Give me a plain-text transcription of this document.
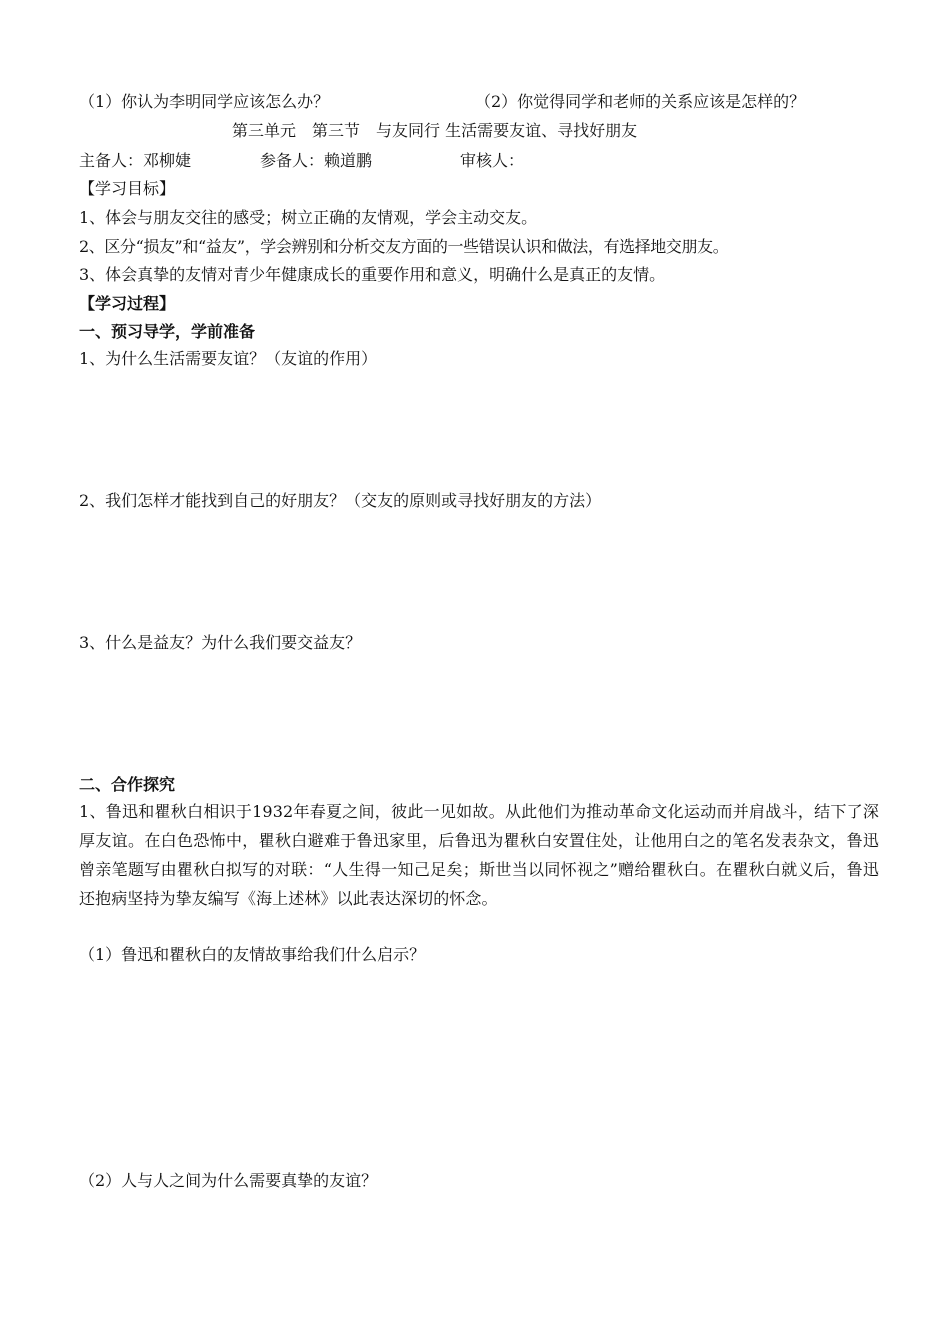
（1）你认为李明同学应该怎么办？	（2）你觉得同学和老师的关系应该是怎样的？
第三单元　第三节　与友同行 生活需要友谊、寻找好朋友
主备人：邓柳婕	参备人：赖道鹏	审核人：
【学习目标】
1、体会与朋友交往的感受；树立正确的友情观，学会主动交友。
2、区分“损友”和“益友”，学会辨别和分析交友方面的一些错误认识和做法，有选择地交朋友。
3、体会真挚的友情对青少年健康成长的重要作用和意义，明确什么是真正的友情。
【学习过程】
一、预习导学，学前准备
1、为什么生活需要友谊？（友谊的作用）
2、我们怎样才能找到自己的好朋友？（交友的原则或寻找好朋友的方法）
3、什么是益友？为什么我们要交益友？
二、合作探究
1、鲁迅和瞿秋白相识于1932年春夏之间，彼此一见如故。从此他们为推动革命文化运动而并肩战斗，结下了深厚友谊。在白色恐怖中，瞿秋白避难于鲁迅家里，后鲁迅为瞿秋白安置住处，让他用白之的笔名发表杂文，鲁迅曾亲笔题写由瞿秋白拟写的对联：“人生得一知己足矣；斯世当以同怀视之”赠给瞿秋白。在瞿秋白就义后，鲁迅还抱病坚持为挚友编写《海上述林》以此表达深切的怀念。
（1）鲁迅和瞿秋白的友情故事给我们什么启示？
（2）人与人之间为什么需要真挚的友谊？
